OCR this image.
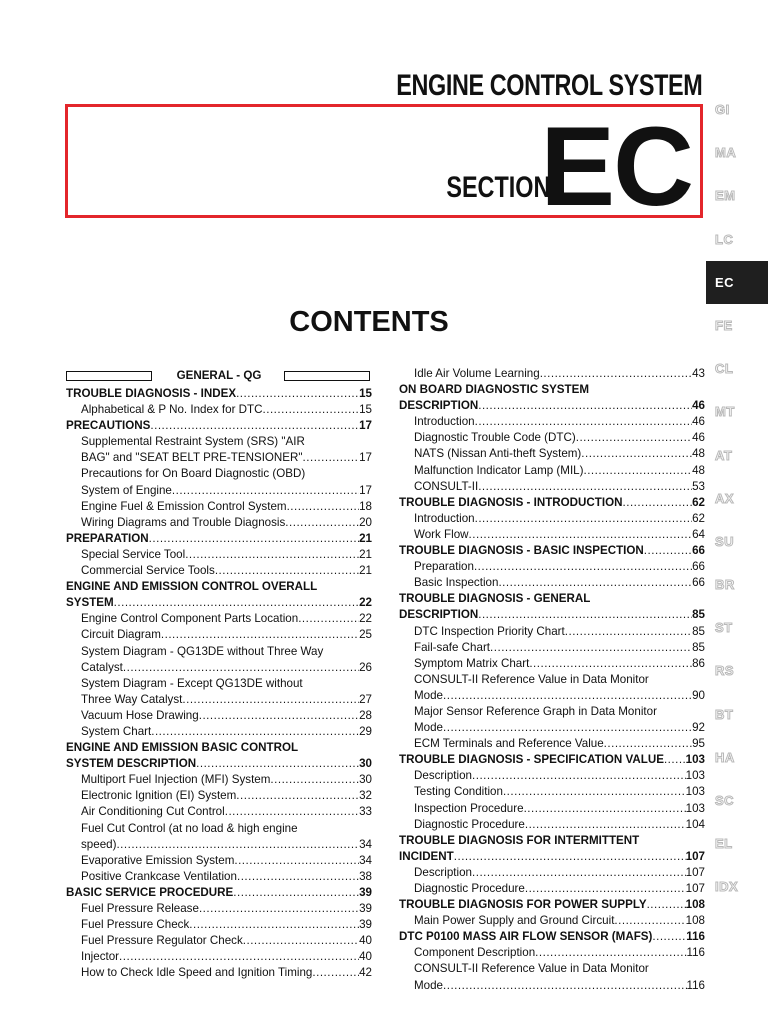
ENGINE CONTROL SYSTEM
SECTION
EC
CONTENTS
GI
MA
EM
LC
EC
FE
CL
MT
AT
AX
SU
BR
ST
RS
BT
HA
SC
EL
IDX
GENERAL - QG
TROUBLE DIAGNOSIS - INDEX .....	15
Alphabetical & P No. Index for DTC .....	15
PRECAUTIONS .....	17
Supplemental Restraint System (SRS) "AIR
BAG" and "SEAT BELT PRE-TENSIONER" .....	17
Precautions for On Board Diagnostic (OBD)
System of Engine .....	17
Engine Fuel & Emission Control System .....	18
Wiring Diagrams and Trouble Diagnosis .....	20
PREPARATION .....	21
Special Service Tool .....	21
Commercial Service Tools .....	21
ENGINE AND EMISSION CONTROL OVERALL
SYSTEM .....	22
Engine Control Component Parts Location .....	22
Circuit Diagram .....	25
System Diagram - QG13DE without Three Way
Catalyst .....	26
System Diagram - Except QG13DE without
Three Way Catalyst .....	27
Vacuum Hose Drawing .....	28
System Chart .....	29
ENGINE AND EMISSION BASIC CONTROL
SYSTEM DESCRIPTION .....	30
Multiport Fuel Injection (MFI) System .....	30
Electronic Ignition (EI) System .....	32
Air Conditioning Cut Control .....	33
Fuel Cut Control (at no load & high engine
speed) .....	34
Evaporative Emission System .....	34
Positive Crankcase Ventilation .....	38
BASIC SERVICE PROCEDURE .....	39
Fuel Pressure Release .....	39
Fuel Pressure Check .....	39
Fuel Pressure Regulator Check .....	40
Injector .....	40
How to Check Idle Speed and Ignition Timing .....	42
Idle Air Volume Learning .....	43
ON BOARD DIAGNOSTIC SYSTEM
DESCRIPTION .....	46
Introduction .....	46
Diagnostic Trouble Code (DTC) .....	46
NATS (Nissan Anti-theft System) .....	48
Malfunction Indicator Lamp (MIL) .....	48
CONSULT-II .....	53
TROUBLE DIAGNOSIS - INTRODUCTION .....	62
Introduction .....	62
Work Flow .....	64
TROUBLE DIAGNOSIS - BASIC INSPECTION .....	66
Preparation .....	66
Basic Inspection .....	66
TROUBLE DIAGNOSIS - GENERAL
DESCRIPTION .....	85
DTC Inspection Priority Chart .....	85
Fail-safe Chart .....	85
Symptom Matrix Chart .....	86
CONSULT-II Reference Value in Data Monitor
Mode .....	90
Major Sensor Reference Graph in Data Monitor
Mode .....	92
ECM Terminals and Reference Value .....	95
TROUBLE DIAGNOSIS - SPECIFICATION VALUE ..... 103
Description .....	103
Testing Condition .....	103
Inspection Procedure .....	103
Diagnostic Procedure .....	104
TROUBLE DIAGNOSIS FOR INTERMITTENT
INCIDENT .....	107
Description .....	107
Diagnostic Procedure .....	107
TROUBLE DIAGNOSIS FOR POWER SUPPLY .....	108
Main Power Supply and Ground Circuit .....	108
DTC P0100 MASS AIR FLOW SENSOR (MAFS) .....	116
Component Description .....	116
CONSULT-II Reference Value in Data Monitor
Mode .....	116
